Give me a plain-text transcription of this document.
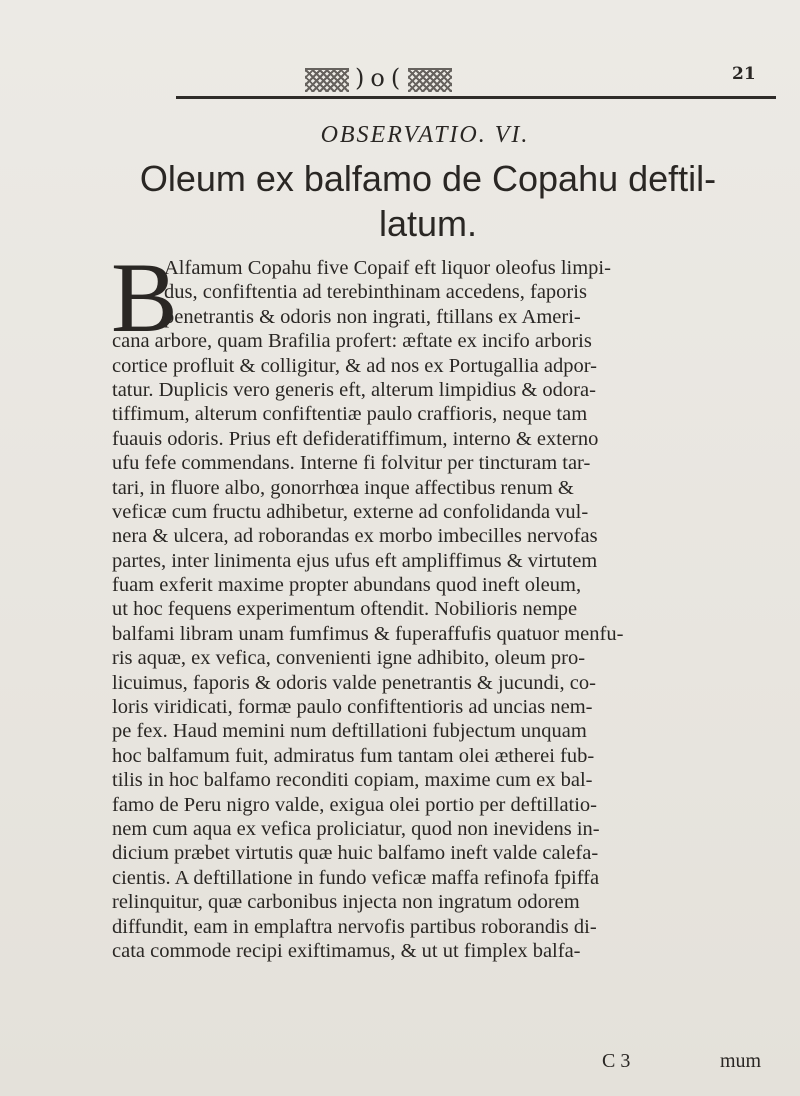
)o(	21
OBSERVATIO. VI.
Oleum ex balfamo de Copahu deftil-
latum.
B
Alfamum Copahu five Copaif eft liquor oleofus limpi-
dus, confiftentia ad terebinthinam accedens, faporis
penetrantis & odoris non ingrati, ftillans ex Ameri-
cana arbore, quam Brafilia profert: æftate ex incifo arboris
cortice profluit & colligitur, & ad nos ex Portugallia adpor-
tatur. Duplicis vero generis eft, alterum limpidius & odora-
tiffimum, alterum confiftentiæ paulo craffioris, neque tam
fuauis odoris. Prius eft defideratiffimum, interno & externo
ufu fefe commendans. Interne fi folvitur per tincturam tar-
tari, in fluore albo, gonorrhœa inque affectibus renum &
veficæ cum fructu adhibetur, externe ad confolidanda vul-
nera & ulcera, ad roborandas ex morbo imbecilles nervofas
partes, inter linimenta ejus ufus eft ampliffimus & virtutem
fuam exferit maxime propter abundans quod ineft oleum,
ut hoc fequens experimentum oftendit. Nobilioris nempe
balfami libram unam fumfimus & fuperaffufis quatuor menfu-
ris aquæ, ex vefica, convenienti igne adhibito, oleum pro-
licuimus, faporis & odoris valde penetrantis & jucundi, co-
loris viridicati, formæ paulo confiftentioris ad uncias nem-
pe fex. Haud memini num deftillationi fubjectum unquam
hoc balfamum fuit, admiratus fum tantam olei ætherei fub-
tilis in hoc balfamo reconditi copiam, maxime cum ex bal-
famo de Peru nigro valde, exigua olei portio per deftillatio-
nem cum aqua ex vefica proliciatur, quod non inevidens in-
dicium præbet virtutis quæ huic balfamo ineft valde calefa-
cientis. A deftillatione in fundo veficæ maffa refinofa fpiffa
relinquitur, quæ carbonibus injecta non ingratum odorem
diffundit, eam in emplaftra nervofis partibus roborandis di-
cata commode recipi exiftimamus, & ut ut fimplex balfa-
C 3	mum
